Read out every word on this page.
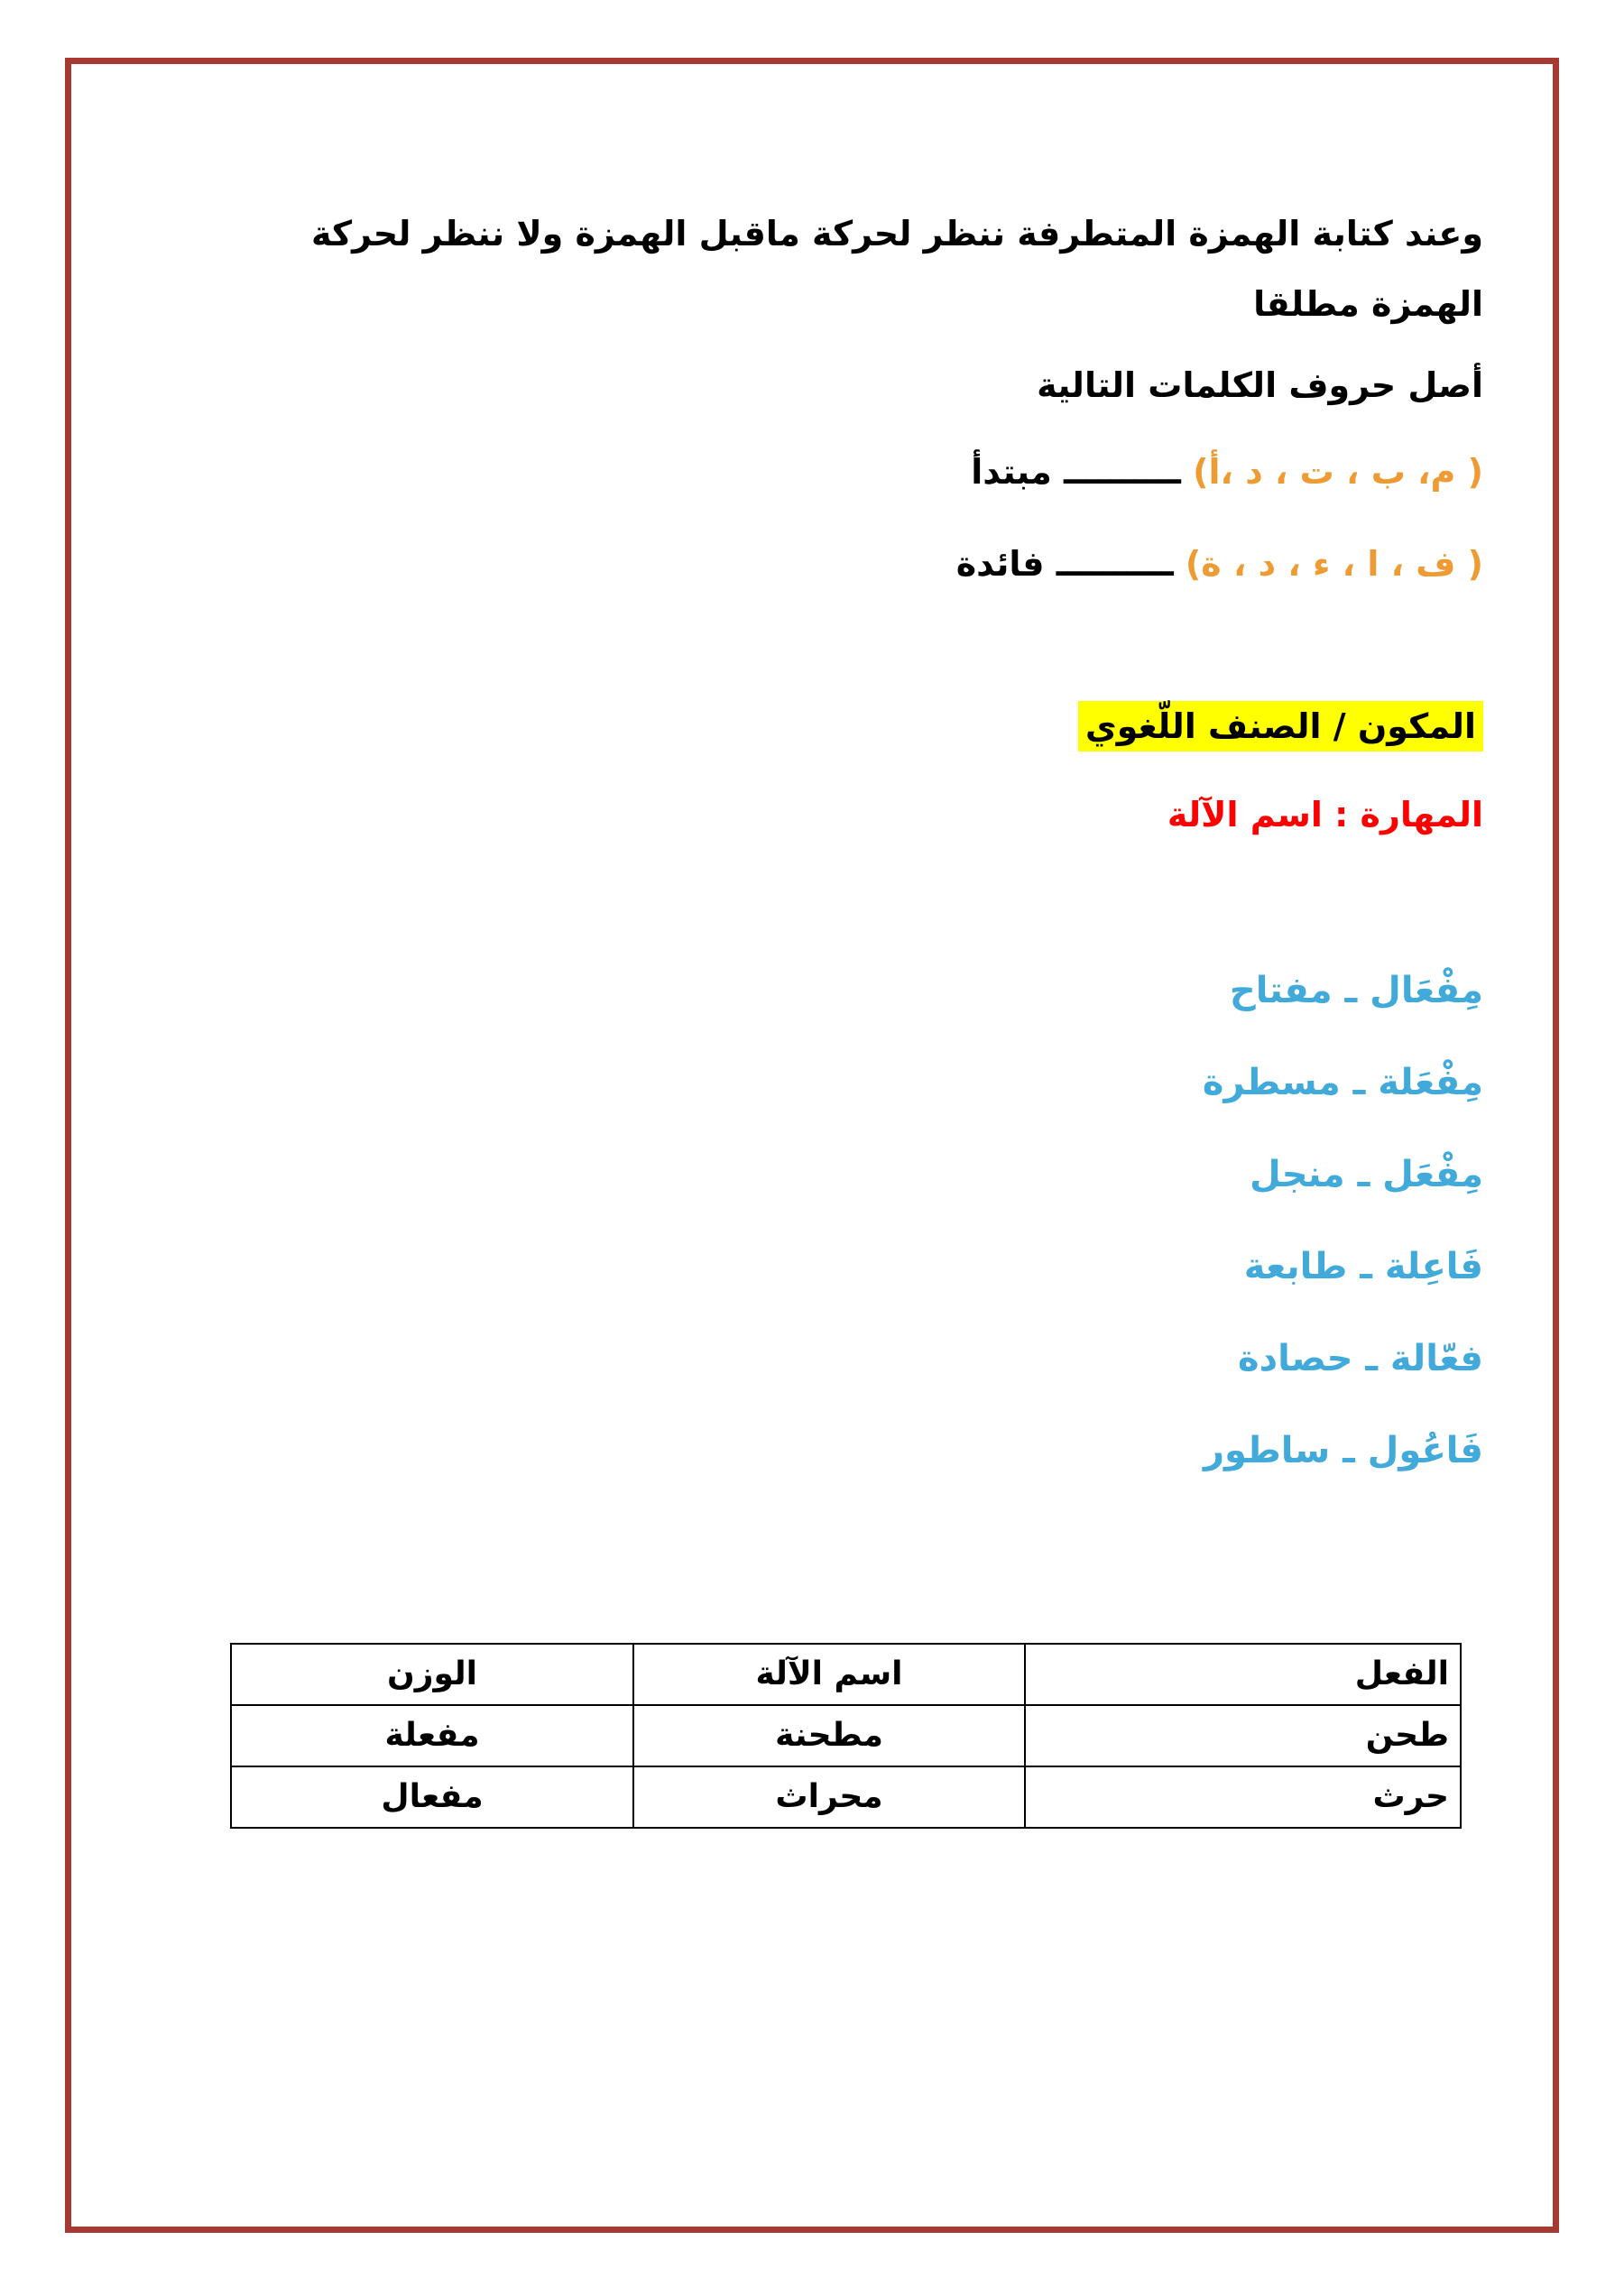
وعند كتابة الهمزة المتطرفة ننظر لحركة ماقبل الهمزة ولا ننظر لحركة الهمزة مطلقا

أصل حروف الكلمات التالية

( م، ب ، ت ، د ،أ) ــــــــــ مبتدأ

( ف ، ا ، ء ، د ، ة) ــــــــــ فائدة

المكون / الصنف اللّغوي

المهارة : اسم الآلة

مِفْعَال ـ مفتاح

مِفْعَلة ـ مسطرة

مِفْعَل ـ منجل

فَاعِلة ـ طابعة

فعّالة ـ حصادة

فَاعُول ـ ساطور

الفعل	اسم الآلة	الوزن
طحن	مطحنة	مفعلة
حرث	محراث	مفعال
